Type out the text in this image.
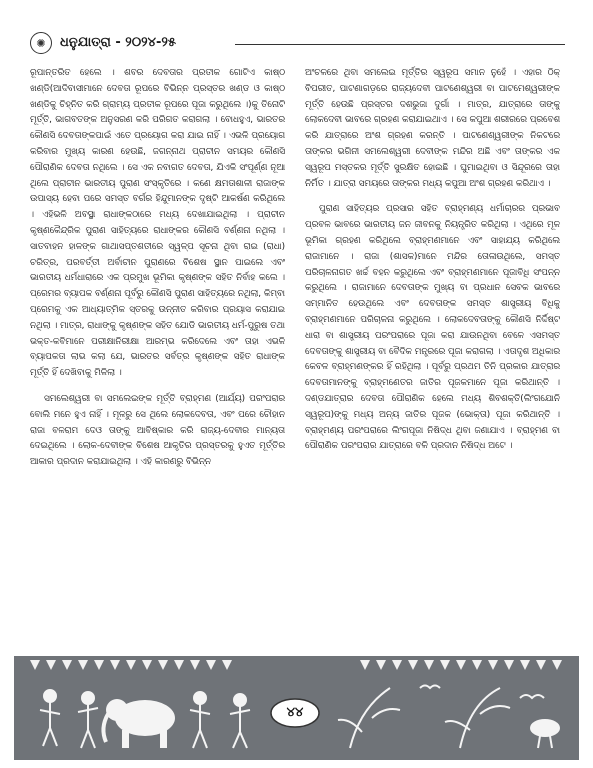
✺	ଧନୁଯାତ୍ରା - ୨୦୨୪-୨୫

ରୂପାନ୍ତରିତ ହେଲେ । ଶବର ଦେବତାର ପ୍ରତୀକ ଗୋଟିଏ କାଷ୍ଠ ଖଣ୍ଡି(ଆଦିବାସୀମାନେ ଦେବତା ରୂପରେ ବିଭିନ୍ନ ପ୍ରସ୍ତର ଖଣ୍ଡ ଓ କାଷ୍ଠ ଖଣ୍ଡିକୁ ଚିହ୍ନିତ କରି ଗ୍ରାମ୍ୟ ପ୍ରତୀକ ରୂପରେ ପୂଜା କରୁଥିଲେ ।)କୁ ତିନୋଟି ମୂର୍ତ୍ତି, ଭାଗବତଙ୍କ ଅନୁସରଣ କରି ପରିଗତ କରାଗଲା । ବୋଧହୁଏ, ଭାରତର କୌଣସି ଦେବତାଙ୍କପାଇଁ ଏତେ ପ୍ରୟୋଗ କରା ଯାଇ ନାହିଁ । ଏଭଳି ପ୍ରୟୋଗ କରିବାର ମୁଖ୍ୟ କାରଣ ହେଉଛି, ଜଗନ୍ନାଥ ପ୍ରାଚୀନ ସମୟର କୌଣସି ପୌରାଣିକ ଦେବତା ନଥିଲେ । ସେ ଏକ ନବାଗତ ଦେବତା, ଯିଏକି ସଂପୂର୍ଣ୍ଣ ନୂଆ ଥିଲେ ପ୍ରାଚୀନ ଭାରତୀୟ ପୁରାଣ ସଂସ୍କୃତିରେ । କଣେ କ୍ଷମତାଶାଳୀ ରାଜାଙ୍କ ଉପାସ୍ୟ ହେବା ପରେ ସମସ୍ତ ବର୍ଗର ହିନ୍ଦୁମାନଙ୍କ ଦୃଷ୍ଟି ଆକର୍ଷଣ କରିଥିଲେ । ଏହିଭଳି ଅବସ୍ଥା ରାଧାଙ୍କଠାରେ ମଧ୍ୟ ଦେଖାଯାଇଥିଲା । ପ୍ରାଚୀନ କୃଷ୍ଣକୈନ୍ଦ୍ରିକ ପୁରାଣ ସାହିତ୍ୟରେ ରାଧାଙ୍କର କୌଣସି ବର୍ଣ୍ଣନା ନଥିଲା । ସାତବାହନ ହାଳଙ୍କ ଗାଥାସପ୍ତଶତୀରେ ସ୍ୱଳ୍ପ ସୂଚନା ଥିବା ରାଇ (ରାଧା) ଚରିତ୍ର, ପରବର୍ତ୍ତୀ ଅର୍ବାଚୀନ ପୁରାଣରେ ବିଶେଷ ସ୍ଥାନ ପାଇଲେ ଏବଂ ଭାରତୀୟ ଧର୍ମଧାରାରେ ଏକ ପ୍ରମୁଖ ଭୂମିକା କୃଷ୍ଣଙ୍କ ସହିତ ନିର୍ବାହ କଲେ । ପ୍ରେମର ବ୍ୟାପକ ବର୍ଣ୍ଣନା ପୂର୍ବରୁ କୌଣସି ପୁରାଣ ସାହିତ୍ୟରେ ନଥିଲା, କିମ୍ବା ପ୍ରେମକୁ ଏକ ଆଧ୍ୟାତ୍ମିକ ସ୍ତରକୁ ଉନ୍ନୀତ କରିବାର ପ୍ରୟାସ କରାଯାଇ ନଥିଲା । ମାତ୍ର, ରାଧାଙ୍କୁ କୃଷ୍ଣଙ୍କ ସହିତ ଯୋଡି ଭାରତୀୟ ଧର୍ମ-ପୁରୁଷ ତଥା ଭକ୍ତ-କବିମାନେ ପରୀକ୍ଷାନିରୀକ୍ଷା ଆରମ୍ଭ କରିଦେଲେ ଏବଂ ତାହା ଏଭଳି ବ୍ୟାପକତା ଲାଭ କଲା ଯେ, ଭାରତର ସର୍ବତ୍ର କୃଷ୍ଣଙ୍କ ସହିତ ରାଧାଙ୍କ ମୂର୍ତ୍ତି ହିଁ ଦେଖିବାକୁ ମିଳିଲା ।

ସମଲେଶ୍ୱରୀ ବା ସମଲେଇଙ୍କ ମୂର୍ତ୍ତି ବ୍ରାହ୍ମଣ (ଆର୍ଯ୍ୟ) ପରଂପରାର ବୋଲି ମନେ ହୁଏ ନାହିଁ । ମୂଳରୁ ସେ ଥିଲେ ଲୋକଦେବତା, ଏବଂ ପରେ ଚୌହାନ ରାଜା ବଳରାମ ଦେଓ ତାଙ୍କୁ ଆବିଷ୍କାର କରି ରାଜ୍ୟ-ଦେବୀର ମାନ୍ୟତା ଦେଇଥିଲେ । ଲୋକ-ଦେବୀଙ୍କ ବିଶେଷ ଆକୃତିର ପ୍ରସ୍ତରକୁ ହୁଏତ ମୂର୍ତ୍ତିର ଆକାର ପ୍ରଦାନ କରାଯାଇଥିଲା । ଏହି କାରଣରୁ ବିଭିନ୍ନ

ଅଂଚଳରେ ଥିବା ସମଲେଇ ମୂର୍ତ୍ତିର ସ୍ୱରୂପ ସମାନ ନୁହେଁ । ଏହାର ଠିକ୍ ବିପରୀତ, ପାଟଣାଗଡ଼ରେ ରାଜ୍ୟଦେବୀ ପାଟଣେଶ୍ୱରୀ ବା ପାଟମେଶ୍ୱରୀଙ୍କ ମୂର୍ତ୍ତି ହେଉଛି ପ୍ରସ୍ତର ଦଶଭୁଜା ଦୁର୍ଗା । ମାତ୍ର, ଯାତ୍ରାରେ ତାଙ୍କୁ ଲୋକଦେବୀ ଭାବରେ ଗ୍ରହଣ କରାଯାଇଥାଏ । ସେ କପୁଆ ଶରୀରରେ ପ୍ରବେଶ କରି ଯାତ୍ରାରେ ଅଂଶ ଗ୍ରହଣ କରନ୍ତି । ପାଟଣେଶ୍ୱରୀଙ୍କ ନିକଟରେ ତାଙ୍କର ଭଗିନୀ ସମଲେଶ୍ୱରୀ ଦେବୀଙ୍କ ମନ୍ଦିର ଅଛି ଏବଂ ତାଙ୍କର ଏକ ସ୍ୱରୂପ ମସ୍ତକର ମୂର୍ତ୍ତି ସୁରକ୍ଷିତ ହୋଇଛି । ଘୁମାଇଥିବା ଓ ସିନ୍ଦୂରରେ ତାହା ନିର୍ମିତ । ଯାତ୍ରା ସମୟରେ ତାଙ୍କର ମଧ୍ୟ କପୁଆ ଅଂଶ ଗ୍ରହଣ କରିଥାଏ ।

ପୁରାଣ ସାହିତ୍ୟର ପ୍ରସାର ସହିତ ବ୍ରାହ୍ମଣ୍ୟ ଧର୍ମାଚାରର ପ୍ରଭାବ ପ୍ରବଳ ଭାବରେ ଭାରତୀୟ ଜନ ଜୀବନକୁ ନିୟନ୍ତ୍ରିତ କରିଥିଲା । ଏଥିରେ ମୂଳ ଭୂମିକା ଗ୍ରହଣ କରିଥିଲେ ବ୍ରାହ୍ମଣମାନେ ଏବଂ ସାହାଯ୍ୟ କରିଥିଲେ ରାଜାମାନେ । ରାଜା (ଶାସକ)ମାନେ ମନ୍ଦିର ତୋଳାଉଥିଲେ, ସମସ୍ତ ପରିଚାଳନାଗତ ଖର୍ଚ୍ଚ ବହନ କରୁଥିଲେ ଏବଂ ବ୍ରାହ୍ମଣମାନେ ପୂଜାବିଧି ସଂପନ୍ନ କରୁଥିଲେ । ରାଜାମାନେ ଦେବତାଙ୍କ ମୁଖ୍ୟ ବା ପ୍ରଧାନ ସେବକ ଭାବରେ ସମ୍ମାନିତ ହେଉଥିଲେ ଏବଂ ଦେବତାଙ୍କ ସମସ୍ତ ଶାସ୍ତ୍ରୀୟ ବିଧିକୁ ବ୍ରାହ୍ମଣମାନେ ପରିଚାଳନା କରୁଥିଲେ । ଲୋକଦେବତାଙ୍କୁ କୌଣସି ନିର୍ଦ୍ଦିଷ୍ଟ ଧାରା ବା ଶାସ୍ତ୍ରୀୟ ପରଂପରାରେ ପୂଜା କରା ଯାଉନଥିବା ବେଳେ ଏସମସ୍ତ ଦେବତାଙ୍କୁ ଶାସ୍ତ୍ରୀୟ ବା ବୈଦିକ ମନ୍ତ୍ରରେ ପୂଜା କରାଗଲା । ଏତାଦୃଶ ଅଧିକାର କେବଳ ବ୍ରାହ୍ମଣଙ୍କର ହିଁ ରହିଥିଲା । ପୂର୍ବରୁ ପ୍ରଥମ ତିନି ପ୍ରକାର ଯାତ୍ରାର ଦେବତାମାନଙ୍କୁ ବ୍ରାହ୍ମଣେତର ଜାତିର ପୂଜକମାନେ ପୂଜା କରିଥାନ୍ତି । ଦଣ୍ଡଯାତ୍ରାର ଦେବତା ପୌରାଣିକ ହେଲେ ମଧ୍ୟ ଶିବଶକ୍ତି(ଲିଂଗଯୋନି ସ୍ୱରୂପ)ଙ୍କୁ ମଧ୍ୟ ଅନ୍ୟ ଜାତିର ପୂଜକ (ଭୋକ୍ତା) ପୂଜା କରିଥାନ୍ତି । ବ୍ରାହ୍ମଣ୍ୟ ପରଂପରାରେ ଲିଂଗପୂଜା ନିଷିଦ୍ଧ ଥିବା ଜଣାଯାଏ । ବ୍ରାହ୍ମଣ ବା ପୌରାଣିକ ପରଂପରାର ଯାତ୍ରାରେ ବଳି ପ୍ରଦାନ ନିଷିଦ୍ଧ ଅଟେ ।

୪୪
